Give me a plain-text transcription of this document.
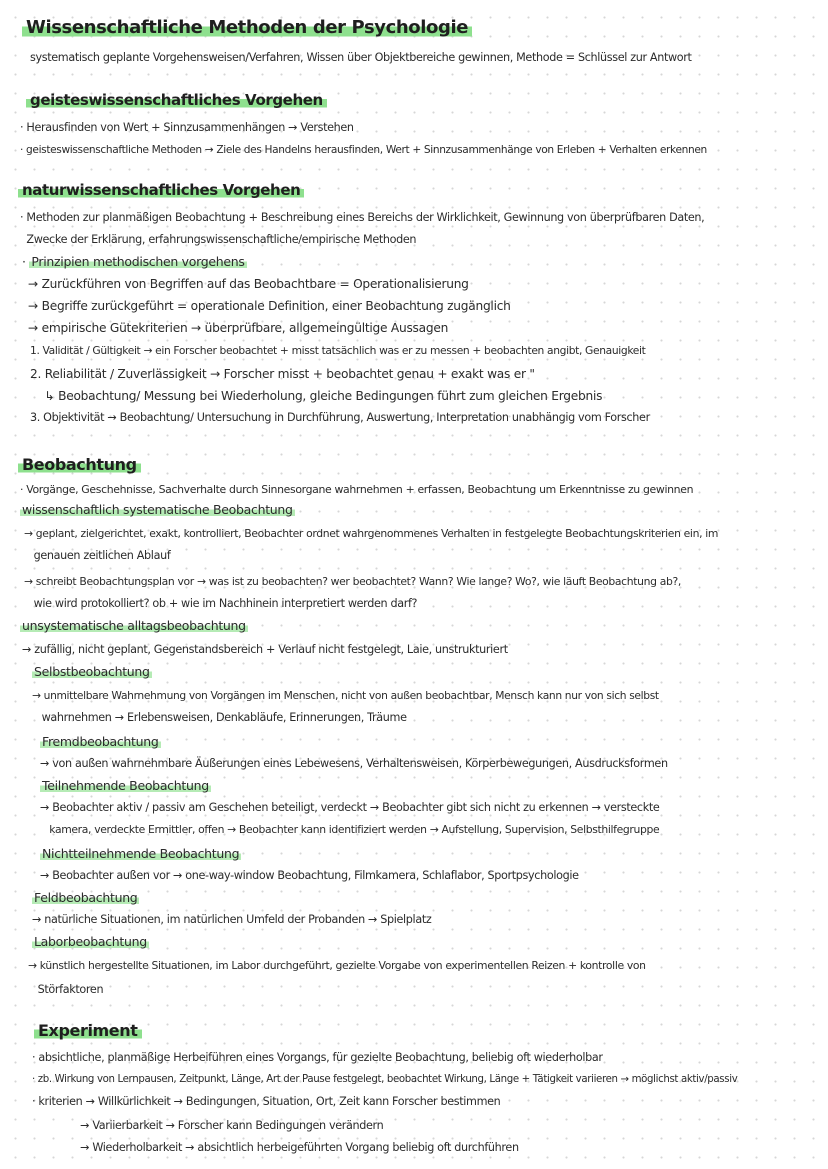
Wissenschaftliche Methoden der Psychologie
systematisch geplante Vorgehensweisen/Verfahren, Wissen über Objektbereiche gewinnen, Methode = Schlüssel zur Antwort
geisteswissenschaftliches Vorgehen
· Herausfinden von Wert + Sinnzusammenhängen → Verstehen
· geisteswissenschaftliche Methoden → Ziele des Handelns herausfinden, Wert + Sinnzusammenhänge von Erleben + Verhalten erkennen
naturwissenschaftliches Vorgehen
· Methoden zur planmäßigen Beobachtung + Beschreibung eines Bereichs der Wirklichkeit, Gewinnung von überprüfbaren Daten,
Zwecke der Erklärung, erfahrungswissenschaftliche/empirische Methoden
· Prinzipien methodischen vorgehens
→ Zurückführen von Begriffen auf das Beobachtbare = Operationalisierung
→ Begriffe zurückgeführt = operationale Definition, einer Beobachtung zugänglich
→ empirische Gütekriterien → überprüfbare, allgemeingültige Aussagen
1. Validität / Gültigkeit → ein Forscher beobachtet + misst tatsächlich was er zu messen + beobachten angibt, Genauigkeit
2. Reliabilität / Zuverlässigkeit → Forscher misst + beobachtet genau + exakt was er "
↳ Beobachtung/ Messung bei Wiederholung, gleiche Bedingungen führt zum gleichen Ergebnis
3. Objektivität → Beobachtung/ Untersuchung in Durchführung, Auswertung, Interpretation unabhängig vom Forscher
Beobachtung
· Vorgänge, Geschehnisse, Sachverhalte durch Sinnesorgane wahrnehmen + erfassen, Beobachtung um Erkenntnisse zu gewinnen
wissenschaftlich systematische Beobachtung
→ geplant, zielgerichtet, exakt, kontrolliert, Beobachter ordnet wahrgenommenes Verhalten in festgelegte Beobachtungskriterien ein, im
genauen zeitlichen Ablauf
→ schreibt Beobachtungsplan vor → was ist zu beobachten? wer beobachtet? Wann? Wie lange? Wo?, wie läuft Beobachtung ab?,
wie wird protokolliert? ob + wie im Nachhinein interpretiert werden darf?
unsystematische alltagsbeobachtung
→ zufällig, nicht geplant, Gegenstandsbereich + Verlauf nicht festgelegt, Laie, unstrukturiert
Selbstbeobachtung
→ unmittelbare Wahrnehmung von Vorgängen im Menschen, nicht von außen beobachtbar, Mensch kann nur von sich selbst
wahrnehmen → Erlebensweisen, Denkabläufe, Erinnerungen, Träume
Fremdbeobachtung
→ von außen wahrnehmbare Äußerungen eines Lebewesens, Verhaltensweisen, Körperbewegungen, Ausdrucksformen
Teilnehmende Beobachtung
→ Beobachter aktiv / passiv am Geschehen beteiligt, verdeckt → Beobachter gibt sich nicht zu erkennen → versteckte
kamera, verdeckte Ermittler, offen → Beobachter kann identifiziert werden → Aufstellung, Supervision, Selbsthilfegruppe
Nichtteilnehmende Beobachtung
→ Beobachter außen vor → one-way-window Beobachtung, Filmkamera, Schlaflabor, Sportpsychologie
Feldbeobachtung
→ natürliche Situationen, im natürlichen Umfeld der Probanden → Spielplatz
Laborbeobachtung
→ künstlich hergestellte Situationen, im Labor durchgeführt, gezielte Vorgabe von experimentellen Reizen + kontrolle von
Störfaktoren
Experiment
· absichtliche, planmäßige Herbeiführen eines Vorgangs, für gezielte Beobachtung, beliebig oft wiederholbar
· zb. Wirkung von Lernpausen, Zeitpunkt, Länge, Art der Pause festgelegt, beobachtet Wirkung, Länge + Tätigkeit variieren → möglichst aktiv/passiv
· kriterien → Willkürlichkeit → Bedingungen, Situation, Ort, Zeit kann Forscher bestimmen
→ Variierbarkeit → Forscher kann Bedingungen verändern
→ Wiederholbarkeit → absichtlich herbeigeführten Vorgang beliebig oft durchführen
